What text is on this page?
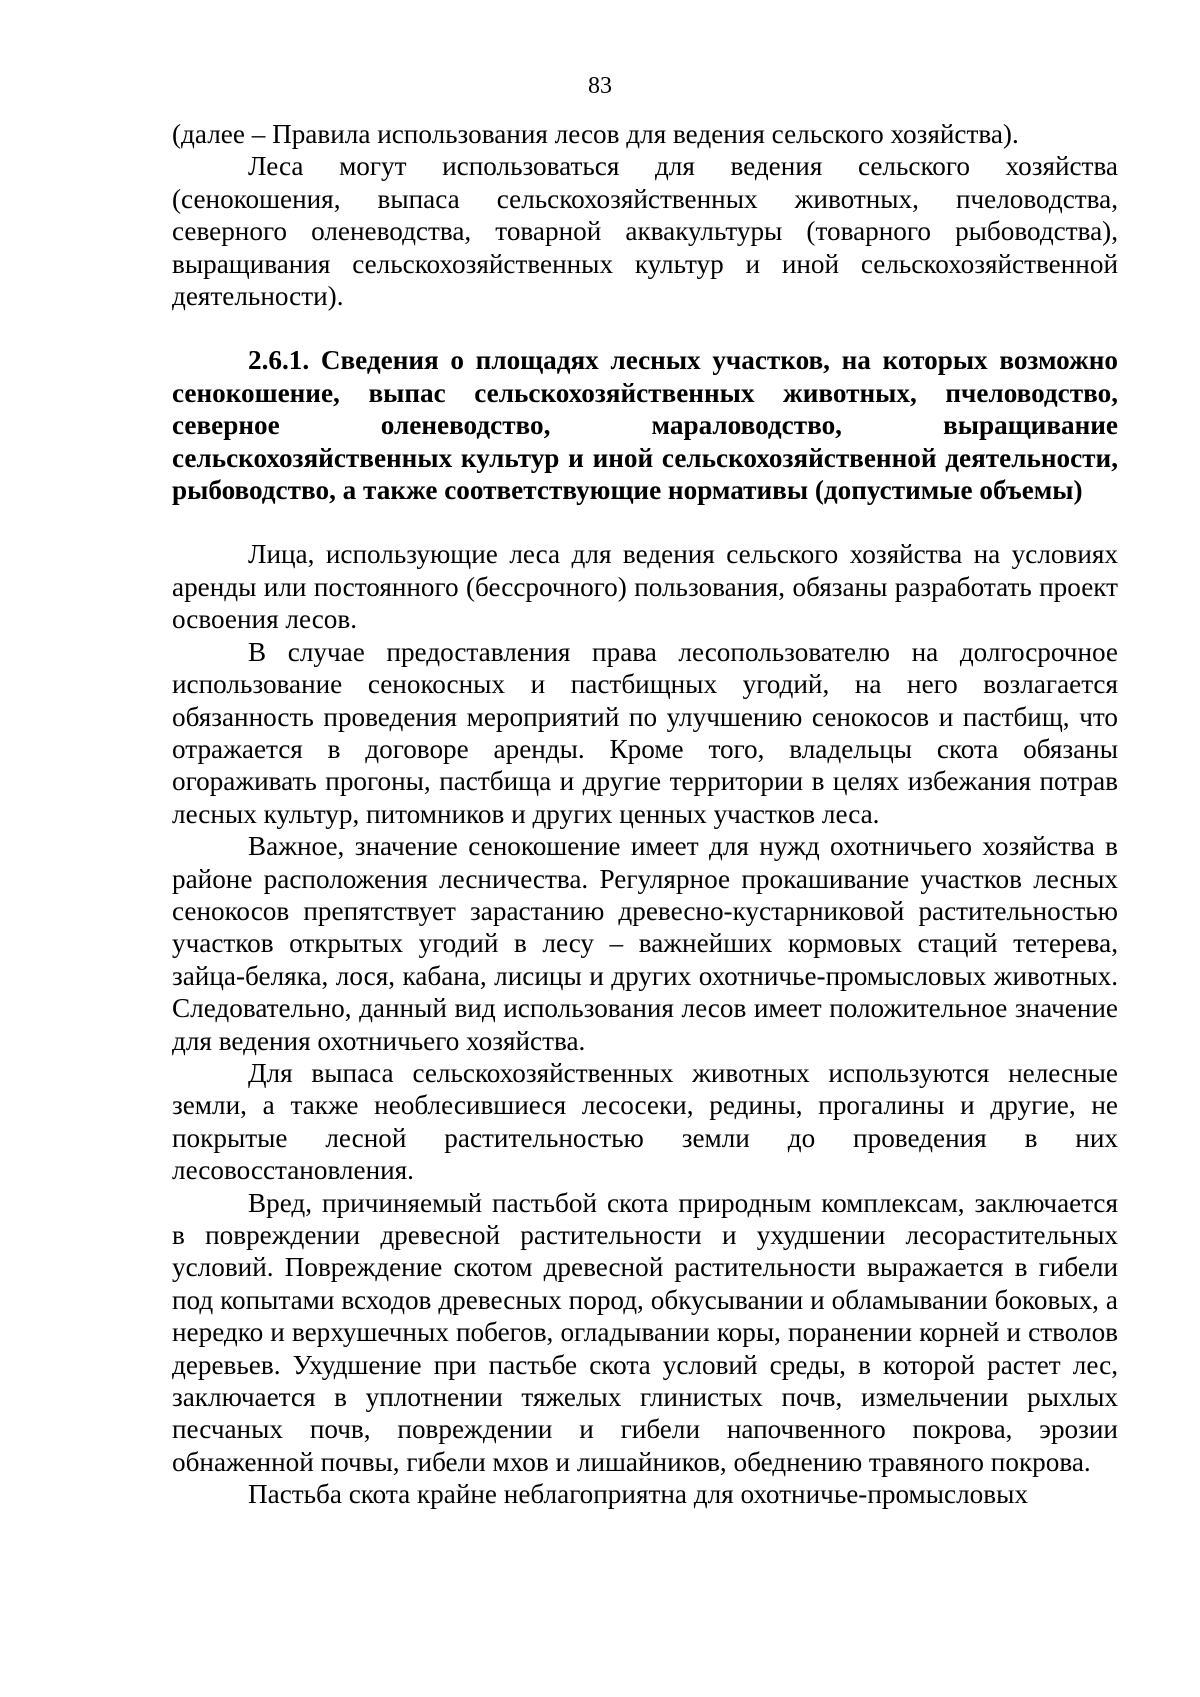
83

(далее – Правила использования лесов для ведения сельского хозяйства).

Леса могут использоваться для ведения сельского хозяйства (сенокошения, выпаса сельскохозяйственных животных, пчеловодства, северного оленеводства, товарной аквакультуры (товарного рыбоводства), выращивания сельскохозяйственных культур и иной сельскохозяйственной деятельности).

2.6.1. Сведения о площадях лесных участков, на которых возможно сенокошение, выпас сельскохозяйственных животных, пчеловодство, северное оленеводство, мараловодство, выращивание сельскохозяйственных культур и иной сельскохозяйственной деятельности, рыбоводство, а также соответствующие нормативы (допустимые объемы)

Лица, использующие леса для ведения сельского хозяйства на условиях аренды или постоянного (бессрочного) пользования, обязаны разработать проект освоения лесов.

В случае предоставления права лесопользователю на долгосрочное использование сенокосных и пастбищных угодий, на него возлагается обязанность проведения мероприятий по улучшению сенокосов и пастбищ, что отражается в договоре аренды. Кроме того, владельцы скота обязаны огораживать прогоны, пастбища и другие территории в целях избежания потрав лесных культур, питомников и других ценных участков леса.

Важное, значение сенокошение имеет для нужд охотничьего хозяйства в районе расположения лесничества. Регулярное прокашивание участков лесных сенокосов препятствует зарастанию древесно-кустарниковой растительностью участков открытых угодий в лесу – важнейших кормовых стаций тетерева, зайца-беляка, лося, кабана, лисицы и других охотничье-промысловых животных. Следовательно, данный вид использования лесов имеет положительное значение для ведения охотничьего хозяйства.

Для выпаса сельскохозяйственных животных используются нелесные земли, а также необлесившиеся лесосеки, редины, прогалины и другие, не покрытые лесной растительностью земли до проведения в них лесовосстановления.

Вред, причиняемый пастьбой скота природным комплексам, заключается в повреждении древесной растительности и ухудшении лесорастительных условий. Повреждение скотом древесной растительности выражается в гибели под копытами всходов древесных пород, обкусывании и обламывании боковых, а нередко и верхушечных побегов, огладывании коры, поранении корней и стволов деревьев. Ухудшение при пастьбе скота условий среды, в которой растет лес, заключается в уплотнении тяжелых глинистых почв, измельчении рыхлых песчаных почв, повреждении и гибели напочвенного покрова, эрозии обнаженной почвы, гибели мхов и лишайников, обеднению травяного покрова.

Пастьба скота крайне неблагоприятна для охотничье-промысловых
